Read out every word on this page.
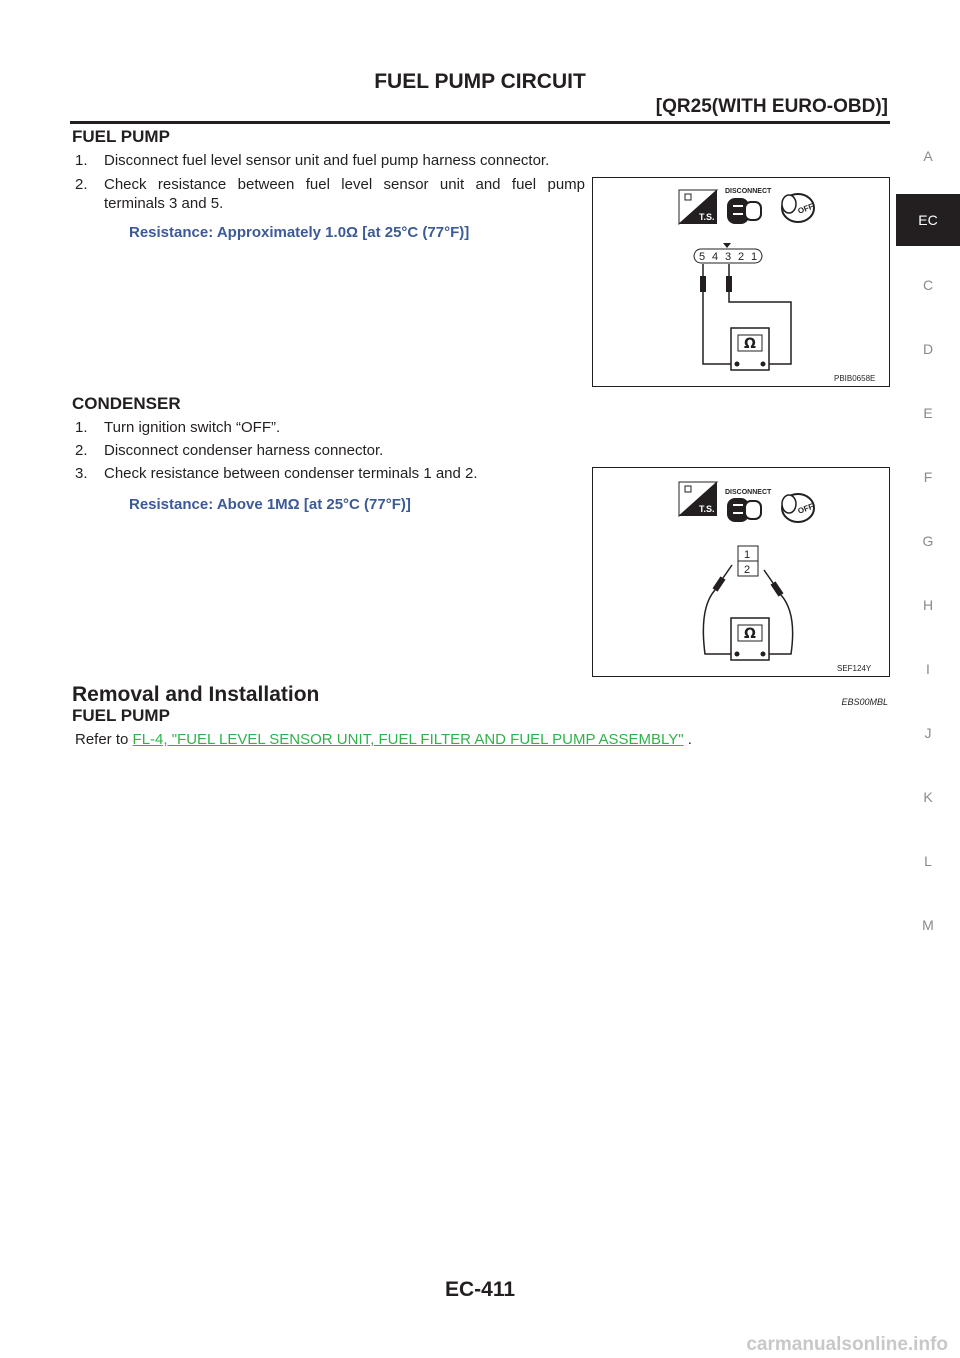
FUEL PUMP CIRCUIT
[QR25(WITH EURO-OBD)]
FUEL PUMP
1. Disconnect fuel level sensor unit and fuel pump harness connector.
2. Check resistance between fuel level sensor unit and fuel pump
terminals 3 and 5.
Resistance: Approximately 1.0Ω [at 25°C (77°F)]
T.S.
DISCONNECT
OFF
5 4 3 2 1
Ω
PBIB0658E
CONDENSER
1. Turn ignition switch “OFF”.
2. Disconnect condenser harness connector.
3. Check resistance between condenser terminals 1 and 2.
Resistance: Above 1MΩ [at 25°C (77°F)]	T.S.
DISCONNECT
OFF
1
2
Ω
SEF124Y
Removal and Installation	EBS00MBL
FUEL PUMP
Refer to FL-4, "FUEL LEVEL SENSOR UNIT, FUEL FILTER AND FUEL PUMP ASSEMBLY" .
A
EC
C
D
E
F
G
H
I
J
K
L
M
EC-411
carmanualsonline.info
